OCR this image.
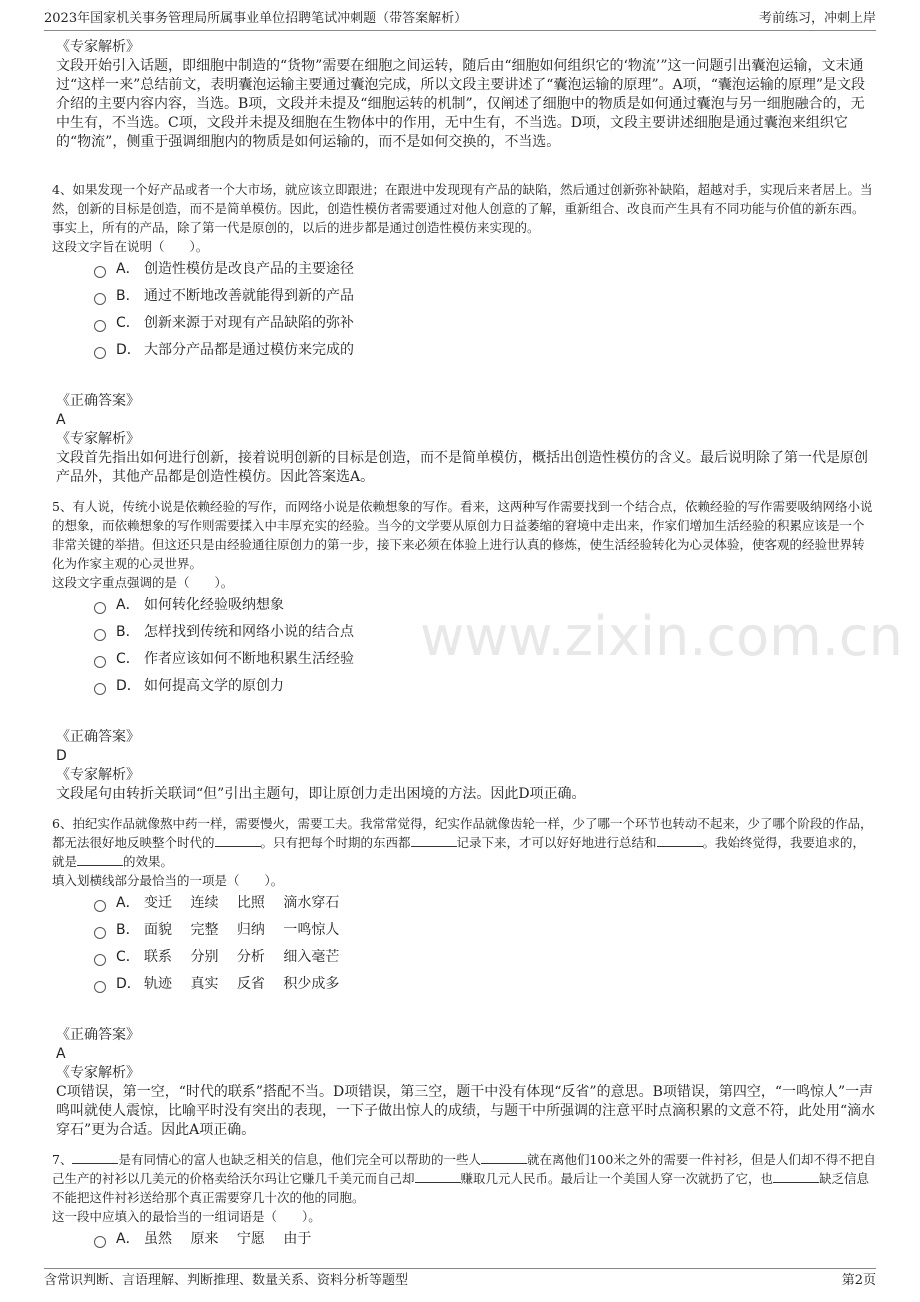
2023年国家机关事务管理局所属事业单位招聘笔试冲刺题（带答案解析）	考前练习，冲刺上岸
www.zixin.com.cn
《专家解析》
文段开始引入话题，即细胞中制造的“货物”需要在细胞之间运转，随后由“细胞如何组织它的‘物流’”这一问题引出囊泡运输，文末通过“这样一来”总结前文，表明囊泡运输主要通过囊泡完成，所以文段主要讲述了“囊泡运输的原理”。A项，“囊泡运输的原理”是文段介绍的主要内容内容，当选。B项，文段并未提及“细胞运转的机制”，仅阐述了细胞中的物质是如何通过囊泡与另一细胞融合的，无中生有，不当选。C项，文段并未提及细胞在生物体中的作用，无中生有，不当选。D项，文段主要讲述细胞是通过囊泡来组织它的“物流”，侧重于强调细胞内的物质是如何运输的，而不是如何交换的，不当选。
4、如果发现一个好产品或者一个大市场，就应该立即跟进；在跟进中发现现有产品的缺陷，然后通过创新弥补缺陷，超越对手，实现后来者居上。当然，创新的目标是创造，而不是简单模仿。因此，创造性模仿者需要通过对他人创意的了解，重新组合、改良而产生具有不同功能与价值的新东西。事实上，所有的产品，除了第一代是原创的，以后的进步都是通过创造性模仿来实现的。
这段文字旨在说明（　　）。
A． 创造性模仿是改良产品的主要途径
B． 通过不断地改善就能得到新的产品
C． 创新来源于对现有产品缺陷的弥补
D． 大部分产品都是通过模仿来完成的
《正确答案》
A
《专家解析》
文段首先指出如何进行创新，接着说明创新的目标是创造，而不是简单模仿，概括出创造性模仿的含义。最后说明除了第一代是原创产品外，其他产品都是创造性模仿。因此答案选A。
5、有人说，传统小说是依赖经验的写作，而网络小说是依赖想象的写作。看来，这两种写作需要找到一个结合点，依赖经验的写作需要吸纳网络小说的想象，而依赖想象的写作则需要揉入中丰厚充实的经验。当今的文学要从原创力日益萎缩的窘境中走出来，作家们增加生活经验的积累应该是一个非常关键的举措。但这还只是由经验通往原创力的第一步，接下来必须在体验上进行认真的修炼，使生活经验转化为心灵体验，使客观的经验世界转化为作家主观的心灵世界。
这段文字重点强调的是（　　）。
A． 如何转化经验吸纳想象
B． 怎样找到传统和网络小说的结合点
C． 作者应该如何不断地积累生活经验
D． 如何提高文学的原创力
《正确答案》
D
《专家解析》
文段尾句由转折关联词“但”引出主题句，即让原创力走出困境的方法。因此D项正确。
6、拍纪实作品就像熬中药一样，需要慢火，需要工夫。我常常觉得，纪实作品就像齿轮一样，少了哪一个环节也转动不起来，少了哪个阶段的作品，都无法很好地反映整个时代的	。只有把每个时期的东西都	记录下来，才可以好好地进行总结和	。我始终觉得，我要追求的，就是	的效果。
填入划横线部分最恰当的一项是（　　）。
A． 变迁　 连续　 比照　 滴水穿石
B． 面貌　 完整　 归纳　 一鸣惊人
C． 联系　 分别　 分析　 细入毫芒
D． 轨迹　 真实　 反省　 积少成多
《正确答案》
A
《专家解析》
C项错误，第一空，“时代的联系”搭配不当。D项错误，第三空，题干中没有体现“反省”的意思。B项错误，第四空，“一鸣惊人”一声鸣叫就使人震惊，比喻平时没有突出的表现，一下子做出惊人的成绩，与题干中所强调的注意平时点滴积累的文意不符，此处用“滴水穿石”更为合适。因此A项正确。
7、	是有同情心的富人也缺乏相关的信息，他们完全可以帮助的一些人	就在离他们100米之外的需要一件衬衫，但是人们却不得不把自己生产的衬衫以几美元的价格卖给沃尔玛让它赚几千美元而自己却	赚取几元人民币。最后让一个美国人穿一次就扔了它，也	缺乏信息不能把这件衬衫送给那个真正需要穿几十次的他的同胞。
这一段中应填入的最恰当的一组词语是（　　）。
A． 虽然　 原来　 宁愿　 由于
含常识判断、言语理解、判断推理、数量关系、资料分析等题型	第2页
